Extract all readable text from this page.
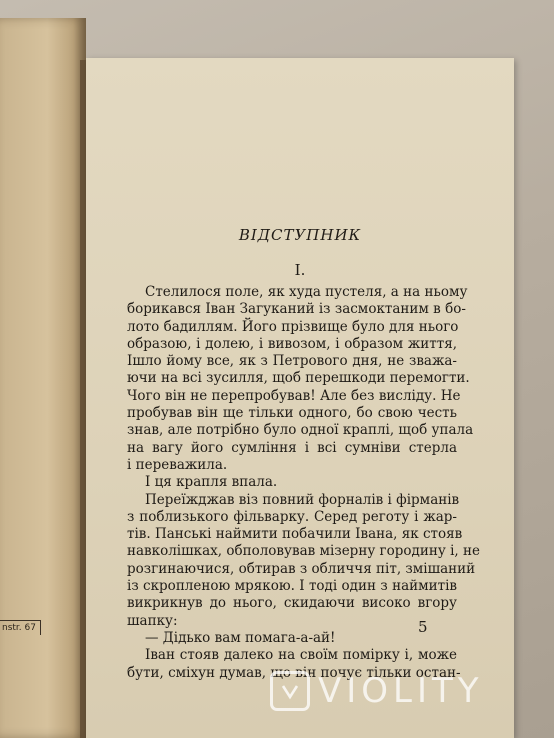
nstr. 67
ВІДСТУПНИК
I.
Стелилося поле, як худа пустеля, а на ньому
борикався Іван Загуканий із засмоктаним в бо-
лото бадиллям. Його прізвище було для нього
образою, і долею, і вивозом, і образом життя,
Ішло йому все, як з Петрового дня, не зважа-
ючи на всі зусилля, щоб перешкоди перемогти.
Чого він не перепробував! Але без висліду. Не
пробував він ще тільки одного, бо свою честь
знав, але потрібно було одної краплі, щоб упала
на вагу його сумління і всі сумніви стерла
і переважила.
І ця крапля впала.
Переїжджав віз повний форналів і фірманів
з поблизького фільварку. Серед реготу і жар-
тів. Панські наймити побачили Івана, як стояв
навколішках, обполовував мізерну городину і, не
розгинаючися, обтирав з обличчя піт, змішаний
із скропленою мрякою. І тоді один з наймитів
викрикнув до нього, скидаючи високо вгору
шапку:
— Дідько вам помага-а-ай!
Іван стояв далеко на своїм помірку і, може
бути, сміхун думав, що він почує тільки остан-
5
VIOLITY
